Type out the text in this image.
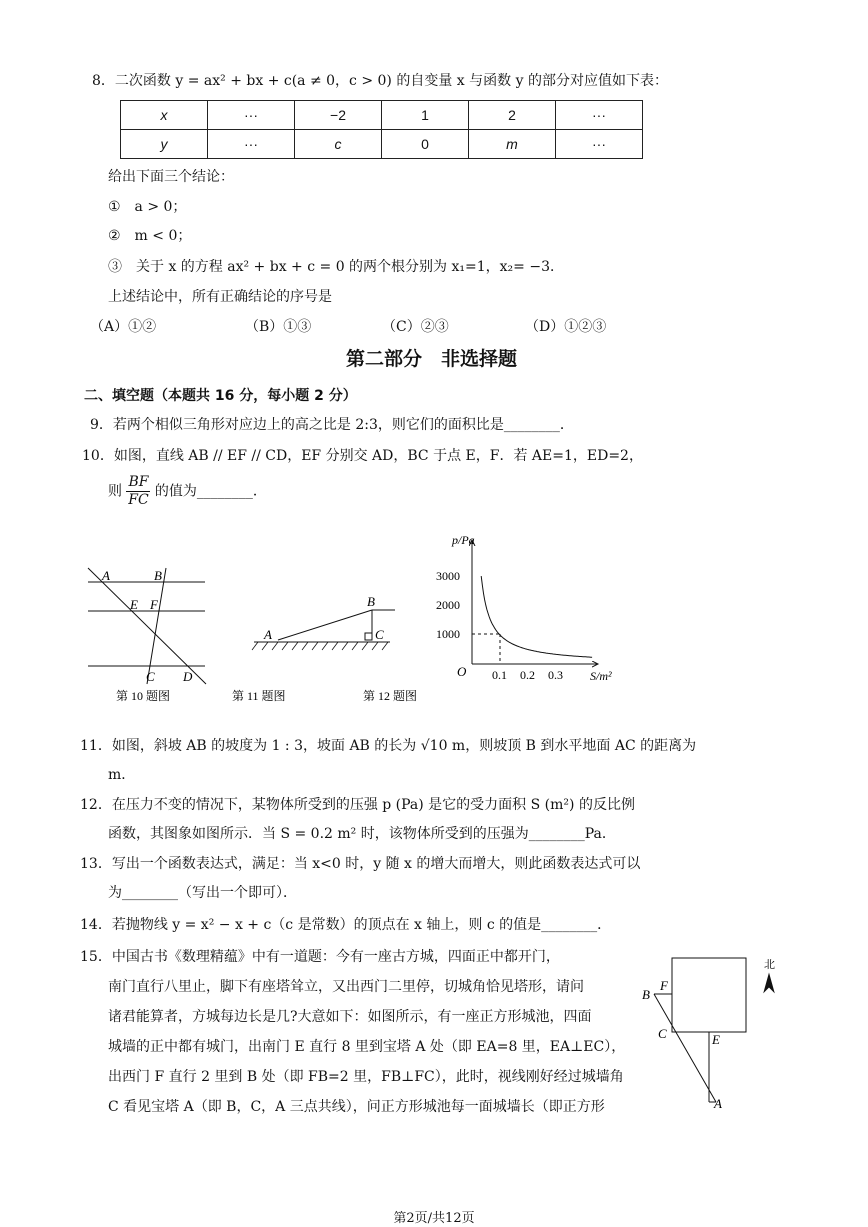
8．二次函数 y = ax² + bx + c(a ≠ 0，c > 0) 的自变量 x 与函数 y 的部分对应值如下表：
x	···	−2	1	2	···
y	···	c	0	m	···
给出下面三个结论：
①　a > 0；
②　m < 0；
③　关于 x 的方程 ax² + bx + c = 0 的两个根分别为 x₁=1，x₂= −3．
上述结论中，所有正确结论的序号是
（A）①②	（B）①③	（C）②③	（D）①②③
第二部分　非选择题
二、填空题（本题共 16 分，每小题 2 分）
9．若两个相似三角形对应边上的高之比是 2:3，则它们的面积比是________．
10．如图，直线 AB // EF // CD，EF 分别交 AD，BC 于点 E，F．若 AE=1，ED=2，
则 $\frac{BF}{FC}$ 的值为________．
A	B
E F
C D
第 10 题图
A
B
C
第 11 题图	第 12 题图
p/Pa
S/m²
O
3000
2000
1000
0.1 0.2 0.3
11．如图，斜坡 AB 的坡度为 1 : 3，坡面 AB 的长为 √10 m，则坡顶 B 到水平地面 AC 的距离为
m．
12．在压力不变的情况下，某物体所受到的压强 p (Pa) 是它的受力面积 S (m²) 的反比例
函数，其图象如图所示．当 S = 0.2 m² 时，该物体所受到的压强为________Pa．
13．写出一个函数表达式，满足：当 x<0 时，y 随 x 的增大而增大，则此函数表达式可以
为________（写出一个即可）．
14．若抛物线 y = x² − x + c（c 是常数）的顶点在 x 轴上，则 c 的值是________．
15．中国古书《数理精蕴》中有一道题：今有一座古方城，四面正中都开门，
南门直行八里止，脚下有座塔耸立，又出西门二里停，切城角恰见塔形，请问
诸君能算者，方城每边长是几?大意如下：如图所示，有一座正方形城池，四面
城墙的正中都有城门，出南门 E 直行 8 里到宝塔 A 处（即 EA=8 里，EA⊥EC），
出西门 F 直行 2 里到 B 处（即 FB=2 里，FB⊥FC），此时，视线刚好经过城墙角
C 看见宝塔 A（即 B，C，A 三点共线），问正方形城池每一面城墙长（即正方形
B
F
C	E
A
北
第2页/共12页
